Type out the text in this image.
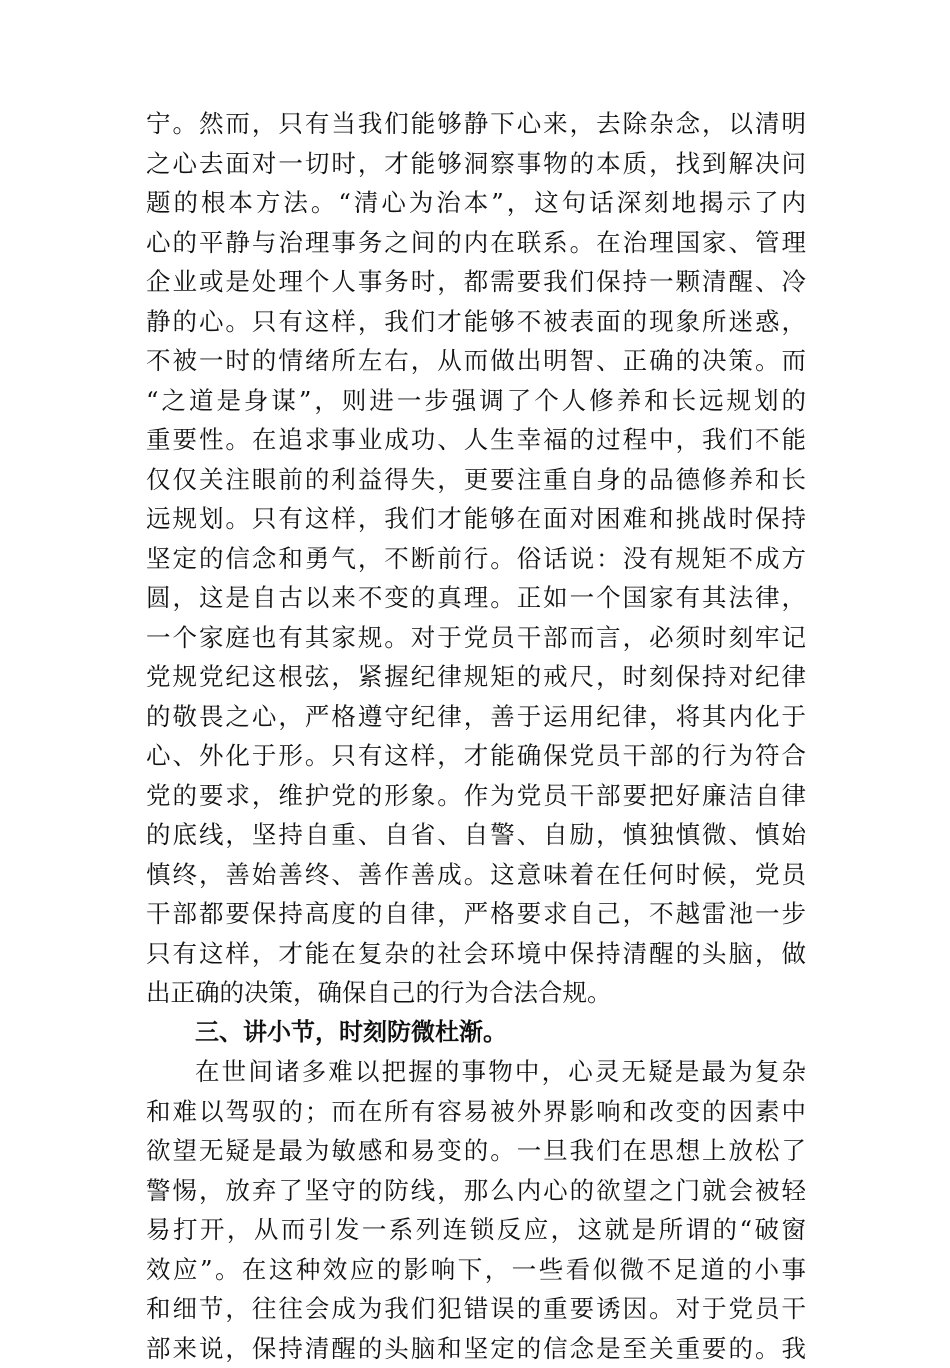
宁。然而，只有当我们能够静下心来，去除杂念，以清明
之心去面对一切时，才能够洞察事物的本质，找到解决问
题的根本方法。“清心为治本”，这句话深刻地揭示了内
心的平静与治理事务之间的内在联系。在治理国家、管理
企业或是处理个人事务时，都需要我们保持一颗清醒、冷
静的心。只有这样，我们才能够不被表面的现象所迷惑，
不被一时的情绪所左右，从而做出明智、正确的决策。而
“之道是身谋”，则进一步强调了个人修养和长远规划的
重要性。在追求事业成功、人生幸福的过程中，我们不能
仅仅关注眼前的利益得失，更要注重自身的品德修养和长
远规划。只有这样，我们才能够在面对困难和挑战时保持
坚定的信念和勇气，不断前行。俗话说：没有规矩不成方
圆，这是自古以来不变的真理。正如一个国家有其法律，
一个家庭也有其家规。对于党员干部而言，必须时刻牢记
党规党纪这根弦，紧握纪律规矩的戒尺，时刻保持对纪律
的敬畏之心，严格遵守纪律，善于运用纪律，将其内化于
心、外化于形。只有这样，才能确保党员干部的行为符合
党的要求，维护党的形象。作为党员干部要把好廉洁自律
的底线，坚持自重、自省、自警、自励，慎独慎微、慎始
慎终，善始善终、善作善成。这意味着在任何时候，党员
干部都要保持高度的自律，严格要求自己，不越雷池一步
只有这样，才能在复杂的社会环境中保持清醒的头脑，做
出正确的决策，确保自己的行为合法合规。
三、讲小节，时刻防微杜渐。
在世间诸多难以把握的事物中，心灵无疑是最为复杂
和难以驾驭的；而在所有容易被外界影响和改变的因素中
欲望无疑是最为敏感和易变的。一旦我们在思想上放松了
警惕，放弃了坚守的防线，那么内心的欲望之门就会被轻
易打开，从而引发一系列连锁反应，这就是所谓的“破窗
效应”。在这种效应的影响下，一些看似微不足道的小事
和细节，往往会成为我们犯错误的重要诱因。对于党员干
部来说，保持清醒的头脑和坚定的信念是至关重要的。我
